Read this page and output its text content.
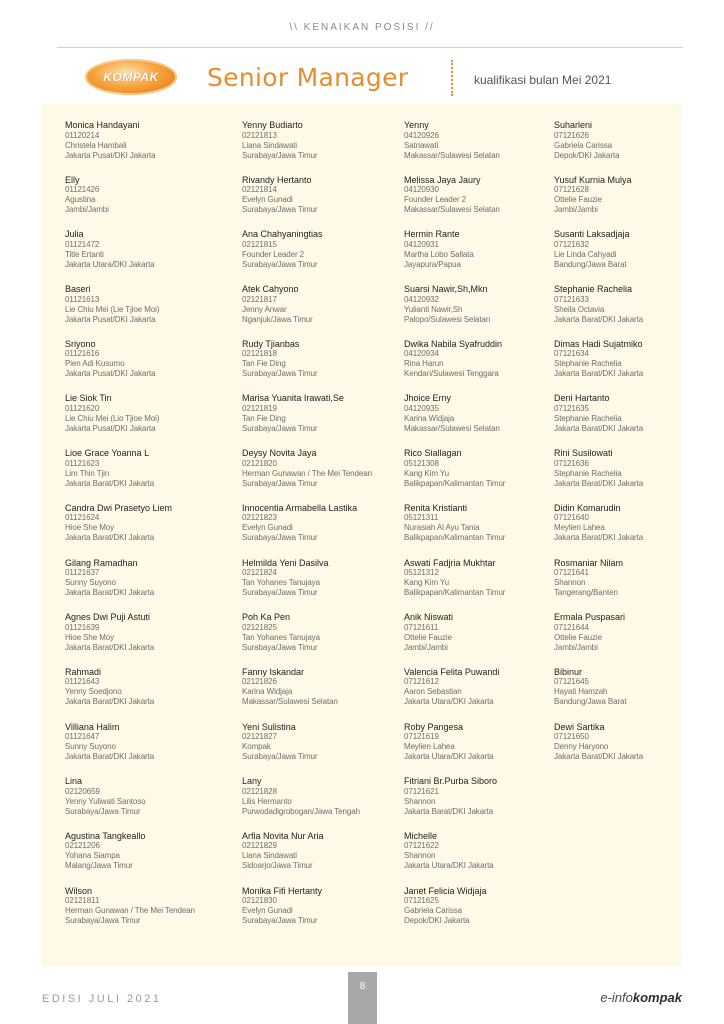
\\ KENAIKAN POSISI //
KOMPAK Senior Manager	kualifikasi bulan Mei 2021
Monica Handayani
01120214
Christela Hambali
Jakarta Pusat/DKI Jakarta
Elly
01121426
Agustina
Jambi/Jambi
Julia
01121472
Title Ertanti
Jakarta Utara/DKI Jakarta
Baseri
01121613
Lie Chiu Mei (Lie Tjioe Moi)
Jakarta Pusat/DKI Jakarta
Sriyono
01121616
Pien Adi Kusumo
Jakarta Pusat/DKI Jakarta
Lie Siok Tin
01121620
Lie Chiu Mei (Lio Tjioe Moi)
Jakarta Pusat/DKI Jakarta
Lioe Grace Yoanna L
01121623
Lim Thin Tjin
Jakarta Barat/DKI Jakarta
Candra Dwi Prasetyo Liem
01121624
Hioe She Moy
Jakarta Barat/DKI Jakarta
Gilang Ramadhan
01121637
Sunny Suyono
Jakarta Barat/DKI Jakarta
Agnes Dwi Puji Astuti
01121639
Hioe She Moy
Jakarta Barat/DKI Jakarta
Rahmadi
01121643
Yenny Soedjono
Jakarta Barat/DKI Jakarta
Villiana Halim
01121647
Sunny Suyono
Jakarta Barat/DKI Jakarta
Lina
02120659
Yenny Yuliwati Santoso
Surabaya/Jawa Timur
Agustina Tangkeallo
02121206
Yohana Siampa
Malang/Jawa Timur
Wilson
02121811
Herman Gunawan / The Mei Tendean
Surabaya/Jawa Timur
Yenny Budiarto
02121813
Liana Sindawati
Surabaya/Jawa Timur
Rivandy Hertanto
02121814
Evelyn Gunadi
Surabaya/Jawa Timur
Ana Chahyaningtias
02121815
Founder Leader 2
Surabaya/Jawa Timur
Atek Cahyono
02121817
Jenny Anwar
Nganjuk/Jawa Timur
Rudy Tjianbas
02121818
Tan Fie Ding
Surabaya/Jawa Timur
Marisa Yuanita Irawati,Se
02121819
Tan Fie Ding
Surabaya/Jawa Timur
Deysy Novita Jaya
02121820
Herman Gunawan / The Mei Tendean
Surabaya/Jawa Timur
Innocentia Armabella Lastika
02121823
Evelyn Gunadi
Surabaya/Jawa Timur
Helmilda Yeni Dasilva
02121824
Tan Yohanes Tanujaya
Surabaya/Jawa Timur
Poh Ka Pen
02121825
Tan Yohanes Tanujaya
Surabaya/Jawa Timur
Fanny Iskandar
02121826
Karina Widjaja
Makassar/Sulawesi Selatan
Yeni Sulistina
02121827
Kompak
Surabaya/Jawa Timur
Lany
02121828
Lilis Hermanto
Purwodadigrobogan/Jawa Tengah
Arfia Novita Nur Aria
02121829
Liana Sindawati
Sidoarjo/Jawa Timur
Monika Fifi Hertanty
02121830
Evelyn Gunadi
Surabaya/Jawa Timur
Yenny
04120926
Satriawati
Makassar/Sulawesi Selatan
Melissa Jaya Jaury
04120930
Founder Leader 2
Makassar/Sulawesi Selatan
Hermin Rante
04120931
Martha Lobo Sallata
Jayapura/Papua
Suarsi Nawir,Sh,Mkn
04120932
Yulianti Nawir,Sh
Palopo/Sulawesi Selatan
Dwika Nabila Syafruddin
04120934
Rina Harun
Kendari/Sulawesi Tenggara
Jhoice Erny
04120935
Karina Widjaja
Makassar/Sulawesi Selatan
Rico Siallagan
05121308
Kang Kim Yu
Balikpapan/Kalimantan Timur
Renita Kristianti
05121311
Nurasiah Al Ayu Tania
Balikpapan/Kalimantan Timur
Aswati Fadjria Mukhtar
05121312
Kang Kim Yu
Balikpapan/Kalimantan Timur
Anik Niswati
07121611
Ottelie Fauzie
Jambi/Jambi
Valencia Felita Puwandi
07121612
Aaron Sebastian
Jakarta Utara/DKI Jakarta
Roby Pangesa
07121619
Meylien Lahea
Jakarta Utara/DKI Jakarta
Fitriani Br.Purba Siboro
07121621
Shannon
Jakarta Barat/DKI Jakarta
Michelle
07121622
Shannon
Jakarta Utara/DKI Jakarta
Janet Felicia Widjaja
07121625
Gabriela Carissa
Depok/DKI Jakarta
Suharleni
07121626
Gabriela Carissa
Depok/DKI Jakarta
Yusuf Kurnia Mulya
07121628
Ottelie Fauzie
Jambi/Jambi
Susanti Laksadjaja
07121632
Lie Linda Cahyadi
Bandung/Jawa Barat
Stephanie Rachelia
07121633
Sheila Octavia
Jakarta Barat/DKI Jakarta
Dimas Hadi Sujatmiko
07121634
Stephanie Rachelia
Jakarta Barat/DKI Jakarta
Deni Hartanto
07121635
Stephanie Rachelia
Jakarta Barat/DKI Jakarta
Rini Susilowati
07121636
Stephanie Rachelia
Jakarta Barat/DKI Jakarta
Didin Komarudin
07121640
Meylien Lahea
Jakarta Barat/DKI Jakarta
Rosmaniar Nilam
07121641
Shannon
Tangerang/Banten
Ermala Puspasari
07121644
Ottelie Fauzie
Jambi/Jambi
Bibinur
07121645
Hayati Hamzah
Bandung/Jawa Barat
Dewi Sartika
07121650
Denny Haryono
Jakarta Barat/DKI Jakarta
8
EDISI JULI 2021	e-infokompak
